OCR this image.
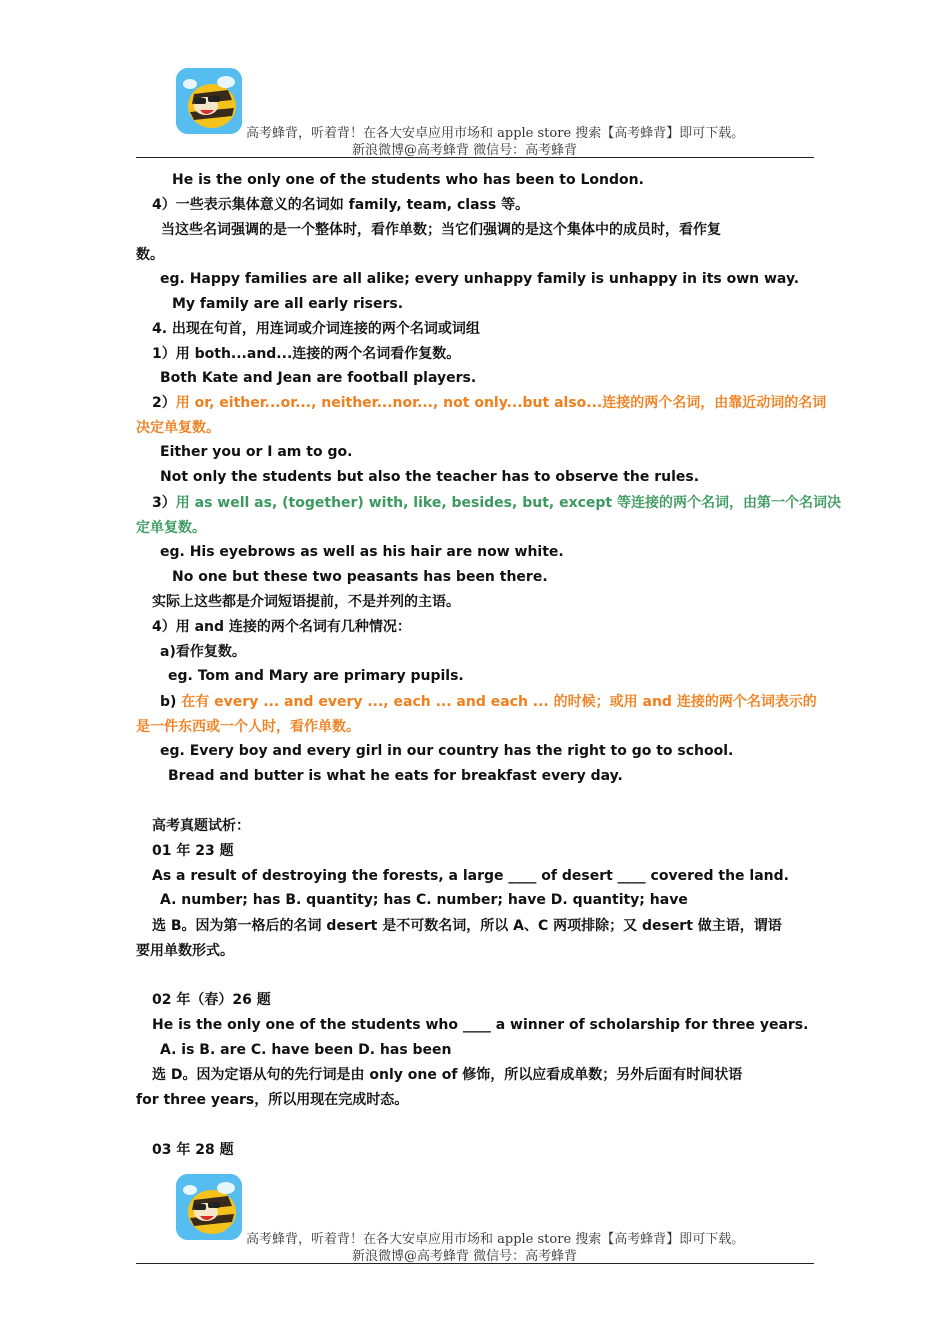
高考蜂背，听着背！在各大安卓应用市场和 apple store 搜索【高考蜂背】即可下载。
新浪微博@高考蜂背 微信号：高考蜂背
He is the only one of the students who has been to London.
4）一些表示集体意义的名词如 family, team, class 等。
当这些名词强调的是一个整体时，看作单数；当它们强调的是这个集体中的成员时，看作复
数。
eg. Happy families are all alike; every unhappy family is unhappy in its own way.
My family are all early risers.
4. 出现在句首，用连词或介词连接的两个名词或词组
1）用 both...and...连接的两个名词看作复数。
Both Kate and Jean are football players.
2）用 or, either...or..., neither...nor..., not only...but also...连接的两个名词，由靠近动词的名词
决定单复数。
Either you or I am to go.
Not only the students but also the teacher has to observe the rules.
3）用 as well as, (together) with, like, besides, but, except 等连接的两个名词，由第一个名词决
定单复数。
eg. His eyebrows as well as his hair are now white.
No one but these two peasants has been there.
实际上这些都是介词短语提前，不是并列的主语。
4）用 and 连接的两个名词有几种情况：
a)看作复数。
eg. Tom and Mary are primary pupils.
b) 在有 every ... and every ..., each ... and each ... 的时候；或用 and 连接的两个名词表示的
是一件东西或一个人时，看作单数。
eg. Every boy and every girl in our country has the right to go to school.
Bread and butter is what he eats for breakfast every day.
高考真题试析：
01 年 23 题
As a result of destroying the forests, a large ____ of desert ____ covered the land.
A. number; has B. quantity; has C. number; have D. quantity; have
选 B。因为第一格后的名词 desert 是不可数名词，所以 A、C 两项排除；又 desert 做主语，谓语
要用单数形式。
02 年（春）26 题
He is the only one of the students who ____ a winner of scholarship for three years.
A. is B. are C. have been D. has been
选 D。因为定语从句的先行词是由 only one of 修饰，所以应看成单数；另外后面有时间状语
for three years，所以用现在完成时态。
03 年 28 题
高考蜂背，听着背！在各大安卓应用市场和 apple store 搜索【高考蜂背】即可下载。
新浪微博@高考蜂背 微信号：高考蜂背
